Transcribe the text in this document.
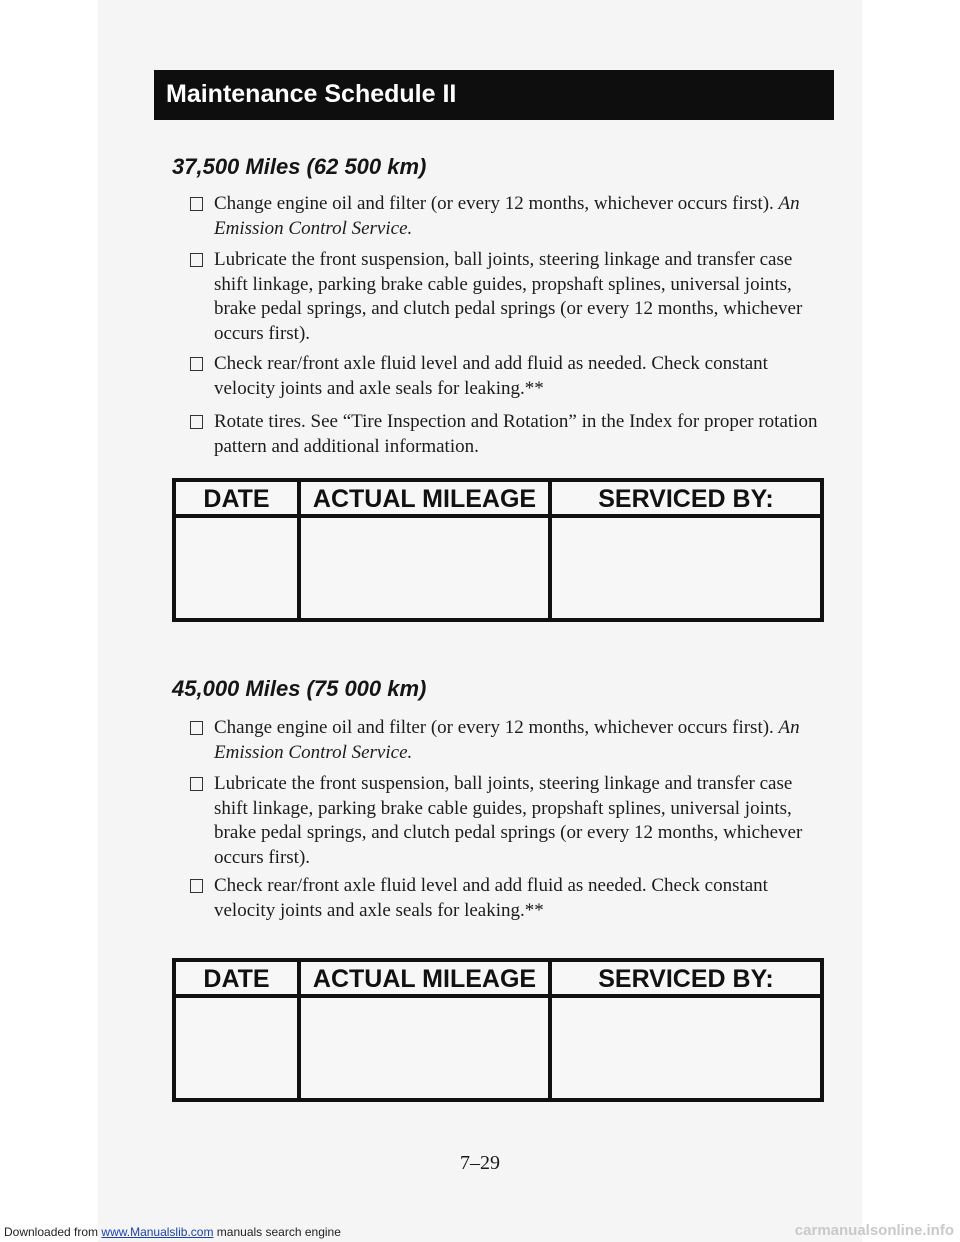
Maintenance Schedule II
37,500 Miles (62 500 km)
Change engine oil and filter (or every 12 months, whichever occurs first). An Emission Control Service.
Lubricate the front suspension, ball joints, steering linkage and transfer case shift linkage, parking brake cable guides, propshaft splines, universal joints, brake pedal springs, and clutch pedal springs (or every 12 months, whichever occurs first).
Check rear/front axle fluid level and add fluid as needed. Check constant velocity joints and axle seals for leaking.**
Rotate tires. See “Tire Inspection and Rotation” in the Index for proper rotation pattern and additional information.
DATE	ACTUAL MILEAGE	SERVICED BY:
45,000 Miles (75 000 km)
Change engine oil and filter (or every 12 months, whichever occurs first). An Emission Control Service.
Lubricate the front suspension, ball joints, steering linkage and transfer case shift linkage, parking brake cable guides, propshaft splines, universal joints, brake pedal springs, and clutch pedal springs (or every 12 months, whichever occurs first).
Check rear/front axle fluid level and add fluid as needed. Check constant velocity joints and axle seals for leaking.**
DATE	ACTUAL MILEAGE	SERVICED BY:
7–29
Downloaded from www.Manualslib.com manuals search engine	carmanualsonline.info
